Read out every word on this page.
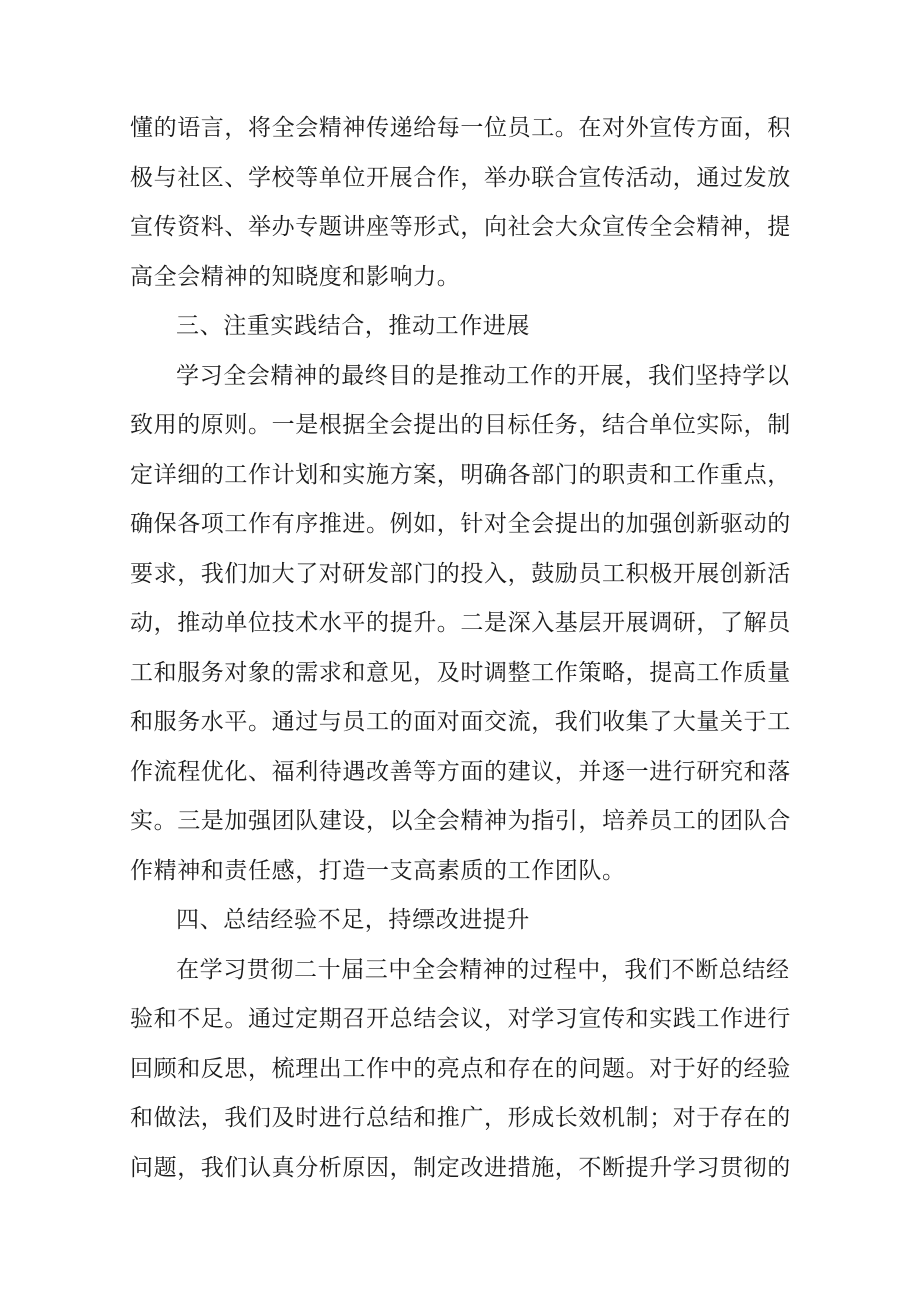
懂的语言，将全会精神传递给每一位员工。在对外宣传方面，积
极与社区、学校等单位开展合作，举办联合宣传活动，通过发放
宣传资料、举办专题讲座等形式，向社会大众宣传全会精神，提
高全会精神的知晓度和影响力。
三、注重实践结合，推动工作进展
学习全会精神的最终目的是推动工作的开展，我们坚持学以
致用的原则。一是根据全会提出的目标任务，结合单位实际，制
定详细的工作计划和实施方案，明确各部门的职责和工作重点，
确保各项工作有序推进。例如，针对全会提出的加强创新驱动的
要求，我们加大了对研发部门的投入，鼓励员工积极开展创新活
动，推动单位技术水平的提升。二是深入基层开展调研，了解员
工和服务对象的需求和意见，及时调整工作策略，提高工作质量
和服务水平。通过与员工的面对面交流，我们收集了大量关于工
作流程优化、福利待遇改善等方面的建议，并逐一进行研究和落
实。三是加强团队建设，以全会精神为指引，培养员工的团队合
作精神和责任感，打造一支高素质的工作团队。
四、总结经验不足，持缥改进提升
在学习贯彻二十届三中全会精神的过程中，我们不断总结经
验和不足。通过定期召开总结会议，对学习宣传和实践工作进行
回顾和反思，梳理出工作中的亮点和存在的问题。对于好的经验
和做法，我们及时进行总结和推广，形成长效机制；对于存在的
问题，我们认真分析原因，制定改进措施，不断提升学习贯彻的
